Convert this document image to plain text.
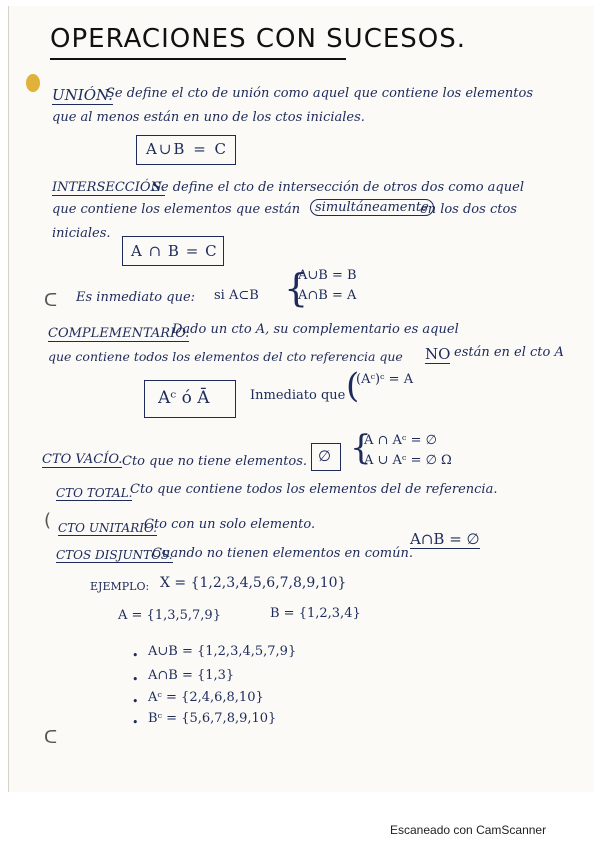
ᑕ
(
ᑕ
OPERACIONES CON SUCESOS.
UNIÓN.
Se define el cto de unión como aquel que contiene los elementos
que al menos están en uno de los ctos iniciales.
A∪B = C
INTERSECCIÓN.
Se define el cto de intersección de otros dos como aquel
que contiene los elementos que están	simultáneamente
en los dos ctos
iniciales.
A ∩ B = C
Es inmediato que: si A⊂B {
A∪B = B
A∩B = A
COMPLEMENTARIO.
Dado un cto A, su complementario es aquel
que contiene todos los elementos del cto referencia que NO están en el cto A
Aᶜ ó Ā	Inmediato que (
(Aᶜ)ᶜ = A
CTO VACÍO. Cto que no tiene elementos. ∅ {
A ∩ Aᶜ = ∅
A ∪ Aᶜ = ∅ Ω
CTO TOTAL.
Cto que contiene todos los elementos del de referencia.
CTO UNITARIO.
Cto con un solo elemento.
CTOS DISJUNTOS.
Cuando no tienen elementos en común.
A∩B = ∅
EJEMPLO: X = {1,2,3,4,5,6,7,8,9,10}
A = {1,3,5,7,9}	B = {1,2,3,4}
• A∪B = {1,2,3,4,5,7,9}
• A∩B = {1,3}
• Aᶜ = {2,4,6,8,10}
• Bᶜ = {5,6,7,8,9,10}
Escaneado con CamScanner
